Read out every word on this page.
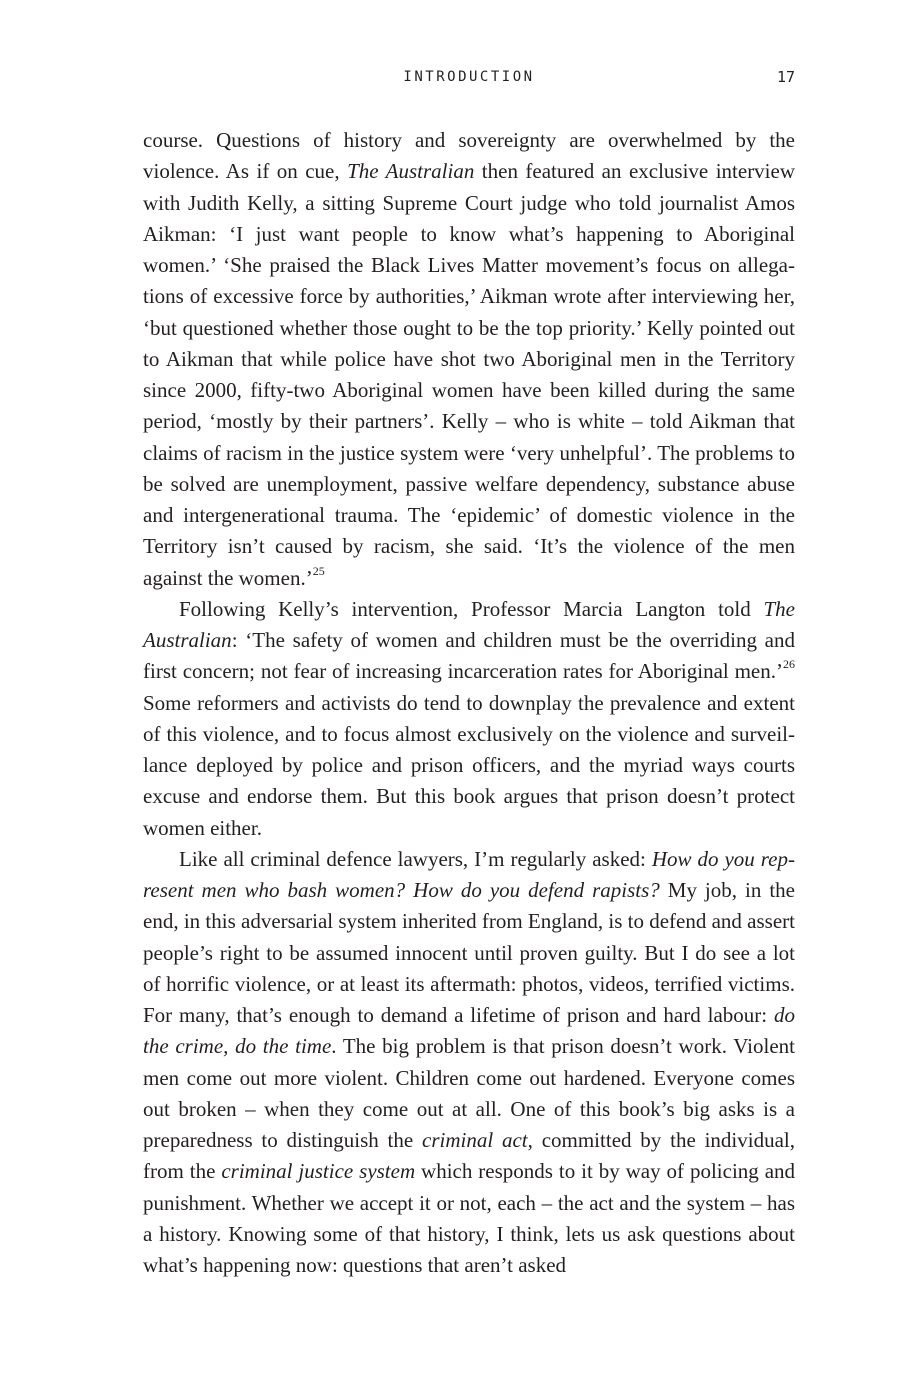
INTRODUCTION	17

course. Questions of history and sovereignty are overwhelmed by the violence. As if on cue, The Australian then featured an exclusive interview with Judith Kelly, a sitting Supreme Court judge who told journalist Amos Aikman: ‘I just want people to know what’s happening to Aboriginal women.’ ‘She praised the Black Lives Matter movement’s focus on allegations of excessive force by authorities,’ Aikman wrote after interviewing her, ‘but questioned whether those ought to be the top priority.’ Kelly pointed out to Aikman that while police have shot two Aboriginal men in the Territory since 2000, fifty-two Aboriginal women have been killed during the same period, ‘mostly by their partners’. Kelly – who is white – told Aikman that claims of racism in the justice system were ‘very unhelpful’. The problems to be solved are unemployment, passive welfare dependency, substance abuse and intergenerational trauma. The ‘epidemic’ of domestic violence in the Territory isn’t caused by racism, she said. ‘It’s the violence of the men against the women.’$^{25}$

Following Kelly’s intervention, Professor Marcia Langton told The Australian: ‘The safety of women and children must be the overriding and first concern; not fear of increasing incarceration rates for Aboriginal men.’$^{26}$ Some reformers and activists do tend to downplay the prevalence and extent of this violence, and to focus almost exclusively on the violence and surveillance deployed by police and prison officers, and the myriad ways courts excuse and endorse them. But this book argues that prison doesn’t protect women either.

Like all criminal defence lawyers, I’m regularly asked: How do you represent men who bash women? How do you defend rapists? My job, in the end, in this adversarial system inherited from England, is to defend and assert people’s right to be assumed innocent until proven guilty. But I do see a lot of horrific violence, or at least its aftermath: photos, videos, terrified victims. For many, that’s enough to demand a lifetime of prison and hard labour: do the crime, do the time. The big problem is that prison doesn’t work. Violent men come out more violent. Children come out hardened. Everyone comes out broken – when they come out at all. One of this book’s big asks is a preparedness to distinguish the criminal act, committed by the individual, from the criminal justice system which responds to it by way of policing and punishment. Whether we accept it or not, each – the act and the system – has a history. Knowing some of that history, I think, lets us ask questions about what’s happening now: questions that aren’t asked
